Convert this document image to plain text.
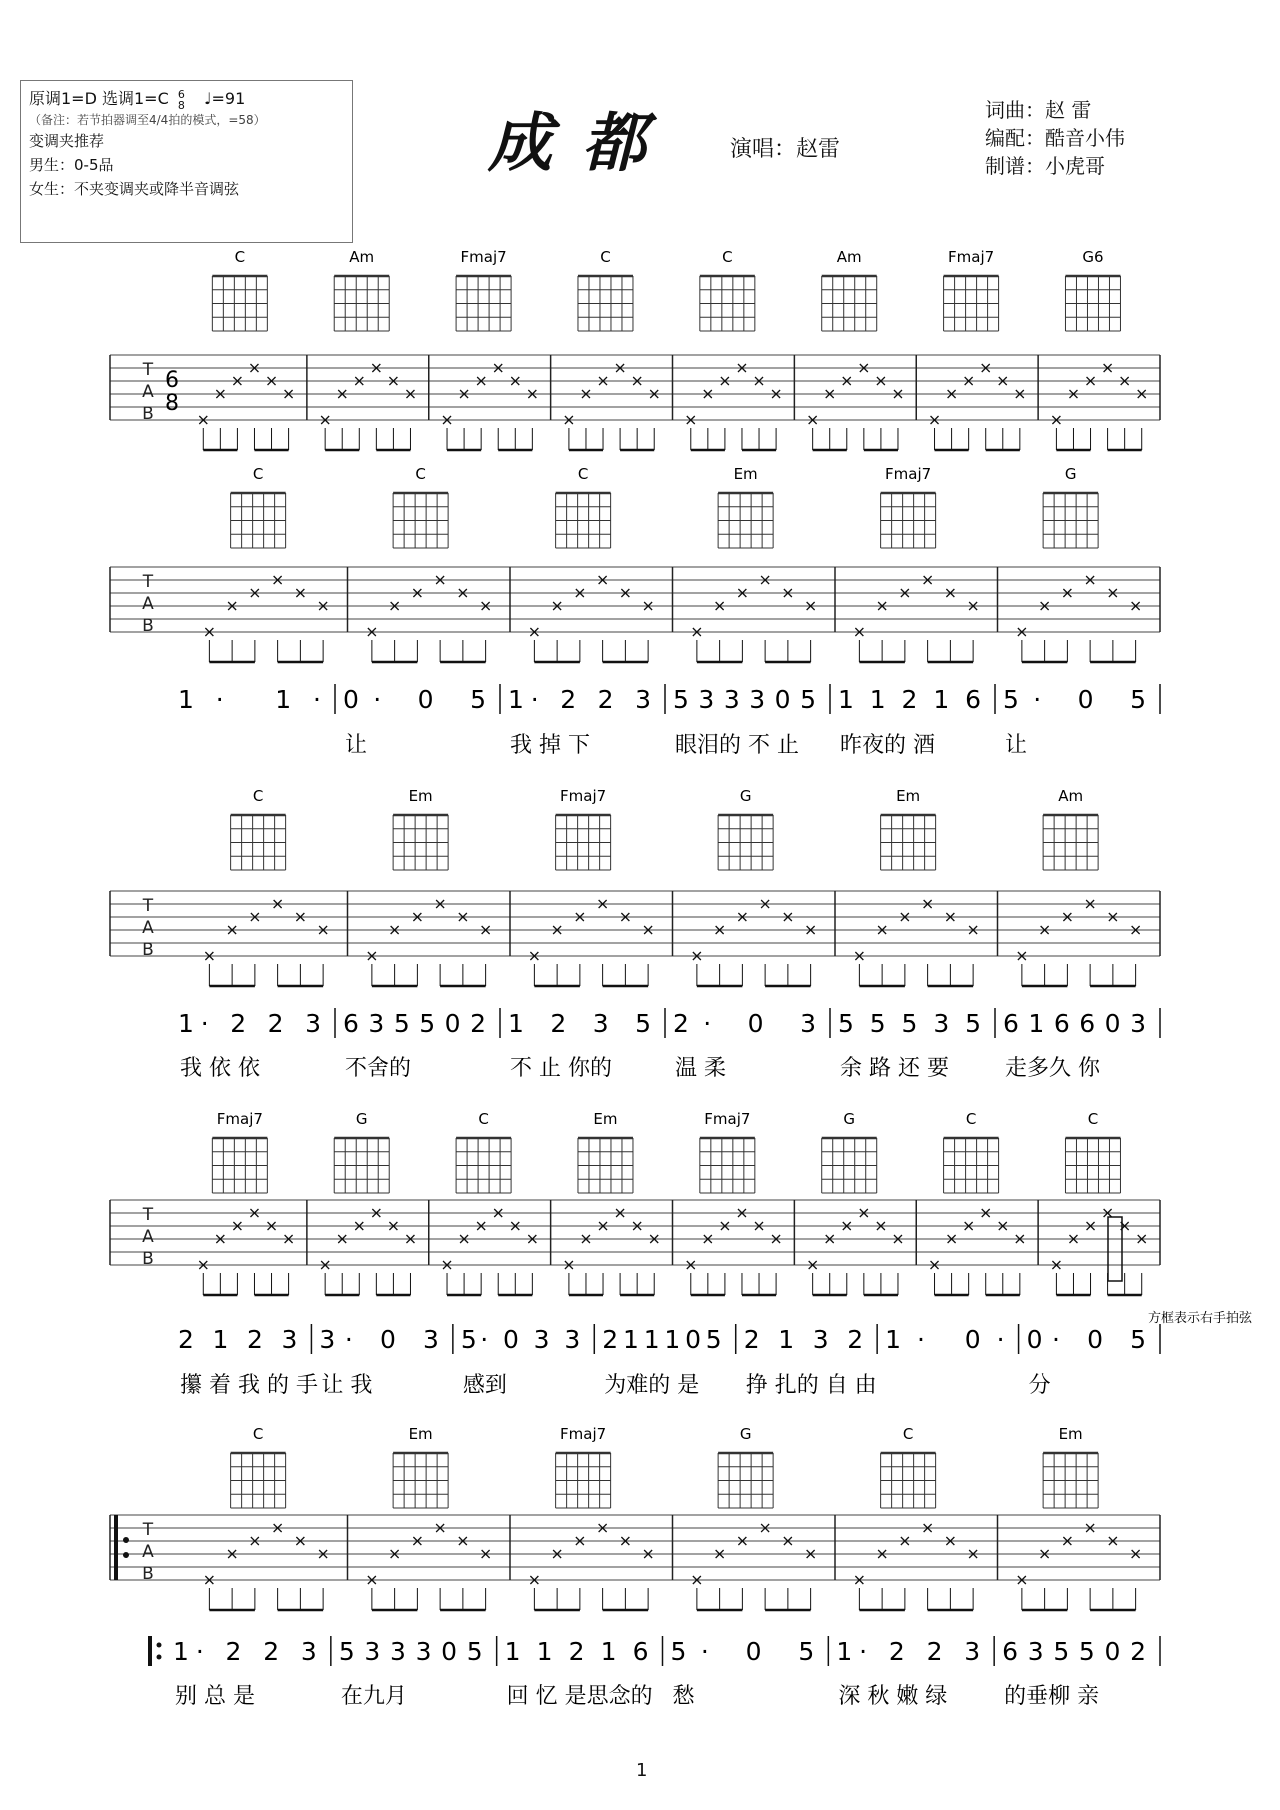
原调1=D 选调1=C 6
8 ♩=91
（备注：若节拍器调至4/4拍的模式，=58）
变调夹推荐
男生：0-5品
女生：不夹变调夹或降半音调弦
成都 演唱：赵雷
词曲：赵 雷
编配：酷音小伟
制谱：小虎哥
T
A
B
6
8
C	Am	Fmaj7	C	C	Am	Fmaj7	G6
T
A
B
C	C	C	Em	Fmaj7	G
1· 1· 0· 0 5 1· 2 2 3 5 3 3 3 0 5 1 1 2 1 6 5· 0 5
让	我 掉 下	眼泪的 不 止 昨夜的 酒	让
T
A
B
C	Em	Fmaj7	G	Em	Am
1· 2 2 3 6 3 5 5 0 2 1 2 3 5 2· 0 3 5 5 5 3 5 6 1 6 6 0 3
我 依 依	不舍的	不 止 你的	温 柔	余 路 还 要	走多久 你
T
A
B
Fmaj7	G	C	Em	Fmaj7	G	C	C
2 1 2 3 3· 0 3 5· 0 3 3 2 1 1 1 0 5 2 1 3 2 1· 0· 0· 0 5
攥 着 我 的 手 让 我	感到	为难的 是 挣 扎的 自 由	分
T
A
B
C	Em	Fmaj7	G	C	Em
1· 2 2 3 5 3 3 3 0 5 1 1 2 1 6 5· 0 5 1· 2 2 3 6 3 5 5 0 2
别 总 是	在九月	回 忆 是思念的 愁	深 秋 嫩 绿	的垂柳 亲
方框表示右手拍弦
1
